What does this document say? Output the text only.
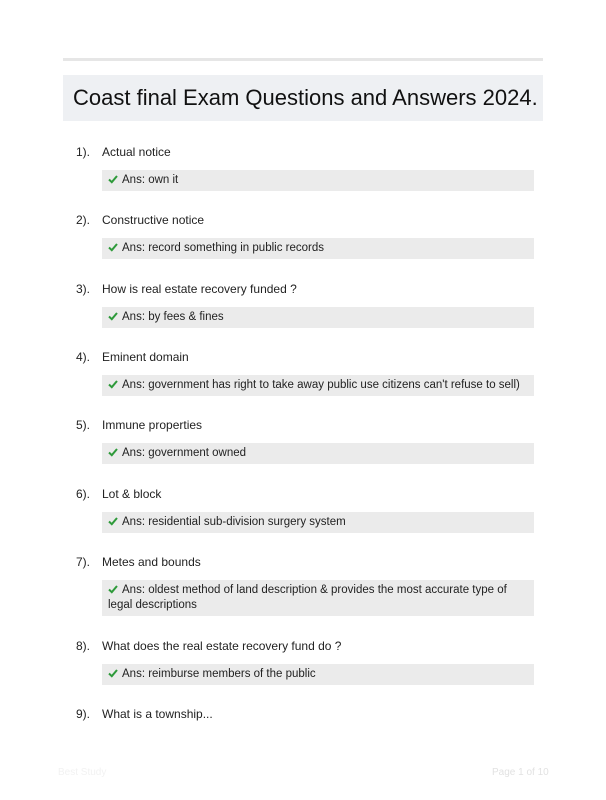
Coast final Exam Questions and Answers 2024.
1). Actual notice
Ans: own it
2). Constructive notice
Ans: record something in public records
3). How is real estate recovery funded ?
Ans: by fees & fines
4). Eminent domain
Ans: government has right to take away public use citizens can't refuse to sell)
5). Immune properties
Ans: government owned
6). Lot & block
Ans: residential sub-division surgery system
7). Metes and bounds
Ans: oldest method of land description & provides the most accurate type of legal descriptions
8). What does the real estate recovery fund do ?
Ans: reimburse members of the public
9). What is a township...
Best Study	Page 1 of 10
